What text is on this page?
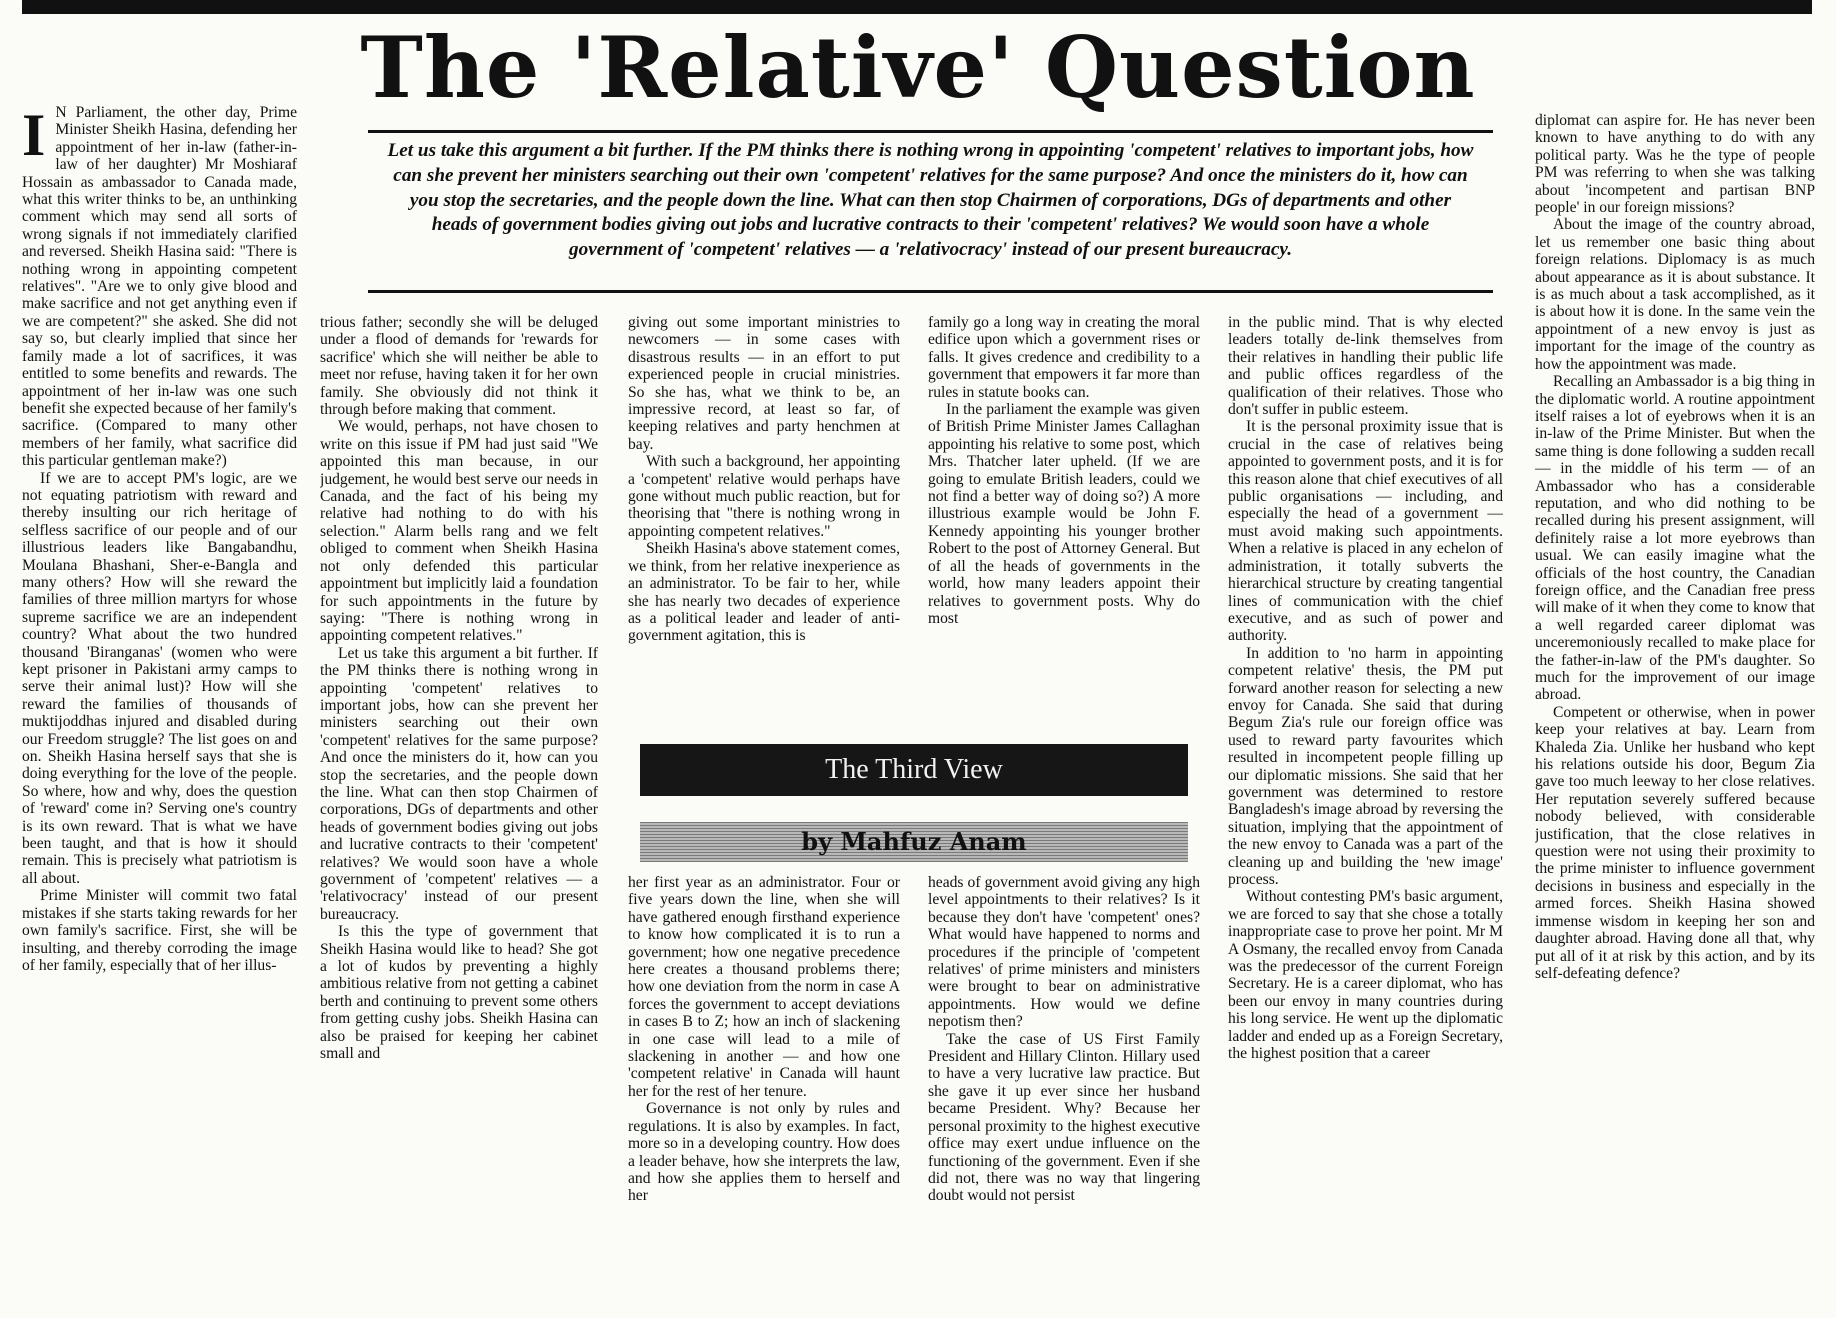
The 'Relative' Question

Let us take this argument a bit further. If the PM thinks there is nothing wrong in appointing 'competent' relatives to important jobs, how can she prevent her ministers searching out their own 'competent' relatives for the same purpose? And once the ministers do it, how can you stop the secretaries, and the people down the line. What can then stop Chairmen of corporations, DGs of departments and other heads of government bodies giving out jobs and lucrative contracts to their 'competent' relatives? We would soon have a whole government of 'competent' relatives — a 'relativocracy' instead of our present bureaucracy.

I N Parliament, the other day, Prime Minister Sheikh Hasina, defending her appointment of her in-law (father-in-law of her daughter) Mr Moshiaraf Hossain as ambassador to Canada made, what this writer thinks to be, an unthinking comment which may send all sorts of wrong signals if not immediately clarified and reversed. Sheikh Hasina said: "There is nothing wrong in appointing competent relatives". "Are we to only give blood and make sacrifice and not get anything even if we are competent?" she asked. She did not say so, but clearly implied that since her family made a lot of sacrifices, it was entitled to some benefits and rewards. The appointment of her in-law was one such benefit she expected because of her family's sacrifice. (Compared to many other members of her family, what sacrifice did this particular gentleman make?)

If we are to accept PM's logic, are we not equating patriotism with reward and thereby insulting our rich heritage of selfless sacrifice of our people and of our illustrious leaders like Bangabandhu, Moulana Bhashani, Sher-e-Bangla and many others? How will she reward the families of three million martyrs for whose supreme sacrifice we are an independent country? What about the two hundred thousand 'Biranganas' (women who were kept prisoner in Pakistani army camps to serve their animal lust)? How will she reward the families of thousands of muktijoddhas injured and disabled during our Freedom struggle? The list goes on and on. Sheikh Hasina herself says that she is doing everything for the love of the people. So where, how and why, does the question of 'reward' come in? Serving one's country is its own reward. That is what we have been taught, and that is how it should remain. This is precisely what patriotism is all about.

Prime Minister will commit two fatal mistakes if she starts taking rewards for her own family's sacrifice. First, she will be insulting, and thereby corroding the image of her family, especially that of her illus-

trious father; secondly she will be deluged under a flood of demands for 'rewards for sacrifice' which she will neither be able to meet nor refuse, having taken it for her own family. She obviously did not think it through before making that comment.

We would, perhaps, not have chosen to write on this issue if PM had just said "We appointed this man because, in our judgement, he would best serve our needs in Canada, and the fact of his being my relative had nothing to do with his selection." Alarm bells rang and we felt obliged to comment when Sheikh Hasina not only defended this particular appointment but implicitly laid a foundation for such appointments in the future by saying: "There is nothing wrong in appointing competent relatives."

Let us take this argument a bit further. If the PM thinks there is nothing wrong in appointing 'competent' relatives to important jobs, how can she prevent her ministers searching out their own 'competent' relatives for the same purpose? And once the ministers do it, how can you stop the secretaries, and the people down the line. What can then stop Chairmen of corporations, DGs of departments and other heads of government bodies giving out jobs and lucrative contracts to their 'competent' relatives? We would soon have a whole government of 'competent' relatives — a 'relativocracy' instead of our present bureaucracy.

Is this the type of government that Sheikh Hasina would like to head? She got a lot of kudos by preventing a highly ambitious relative from not getting a cabinet berth and continuing to prevent some others from getting cushy jobs. Sheikh Hasina can also be praised for keeping her cabinet small and

giving out some important ministries to newcomers — in some cases with disastrous results — in an effort to put experienced people in crucial ministries. So she has, what we think to be, an impressive record, at least so far, of keeping relatives and party henchmen at bay.

With such a background, her appointing a 'competent' relative would perhaps have gone without much public reaction, but for theorising that "there is nothing wrong in appointing competent relatives."

Sheikh Hasina's above statement comes, we think, from her relative inexperience as an administrator. To be fair to her, while she has nearly two decades of experience as a political leader and leader of anti-government agitation, this is

family go a long way in creating the moral edifice upon which a government rises or falls. It gives credence and credibility to a government that empowers it far more than rules in statute books can.

In the parliament the example was given of British Prime Minister James Callaghan appointing his relative to some post, which Mrs. Thatcher later upheld. (If we are going to emulate British leaders, could we not find a better way of doing so?) A more illustrious example would be John F. Kennedy appointing his younger brother Robert to the post of Attorney General. But of all the heads of governments in the world, how many leaders appoint their relatives to government posts. Why do most

The Third View
by Mahfuz Anam

her first year as an administrator. Four or five years down the line, when she will have gathered enough firsthand experience to know how complicated it is to run a government; how one negative precedence here creates a thousand problems there; how one deviation from the norm in case A forces the government to accept deviations in cases B to Z; how an inch of slackening in one case will lead to a mile of slackening in another — and how one 'competent relative' in Canada will haunt her for the rest of her tenure.

Governance is not only by rules and regulations. It is also by examples. In fact, more so in a developing country. How does a leader behave, how she interprets the law, and how she applies them to herself and her

heads of government avoid giving any high level appointments to their relatives? Is it because they don't have 'competent' ones? What would have happened to norms and procedures if the principle of 'competent relatives' of prime ministers and ministers were brought to bear on administrative appointments. How would we define nepotism then?

Take the case of US First Family President and Hillary Clinton. Hillary used to have a very lucrative law practice. But she gave it up ever since her husband became President. Why? Because her personal proximity to the highest executive office may exert undue influence on the functioning of the government. Even if she did not, there was no way that lingering doubt would not persist

in the public mind. That is why elected leaders totally de-link themselves from their relatives in handling their public life and public offices regardless of the qualification of their relatives. Those who don't suffer in public esteem.

It is the personal proximity issue that is crucial in the case of relatives being appointed to government posts, and it is for this reason alone that chief executives of all public organisations — including, and especially the head of a government — must avoid making such appointments. When a relative is placed in any echelon of administration, it totally subverts the hierarchical structure by creating tangential lines of communication with the chief executive, and as such of power and authority.

In addition to 'no harm in appointing competent relative' thesis, the PM put forward another reason for selecting a new envoy for Canada. She said that during Begum Zia's rule our foreign office was used to reward party favourites which resulted in incompetent people filling up our diplomatic missions. She said that her government was determined to restore Bangladesh's image abroad by reversing the situation, implying that the appointment of the new envoy to Canada was a part of the cleaning up and building the 'new image' process.

Without contesting PM's basic argument, we are forced to say that she chose a totally inappropriate case to prove her point. Mr M A Osmany, the recalled envoy from Canada was the predecessor of the current Foreign Secretary. He is a career diplomat, who has been our envoy in many countries during his long service. He went up the diplomatic ladder and ended up as a Foreign Secretary, the highest position that a career

diplomat can aspire for. He has never been known to have anything to do with any political party. Was he the type of people PM was referring to when she was talking about 'incompetent and partisan BNP people' in our foreign missions?

About the image of the country abroad, let us remember one basic thing about foreign relations. Diplomacy is as much about appearance as it is about substance. It is as much about a task accomplished, as it is about how it is done. In the same vein the appointment of a new envoy is just as important for the image of the country as how the appointment was made.

Recalling an Ambassador is a big thing in the diplomatic world. A routine appointment itself raises a lot of eyebrows when it is an in-law of the Prime Minister. But when the same thing is done following a sudden recall — in the middle of his term — of an Ambassador who has a considerable reputation, and who did nothing to be recalled during his present assignment, will definitely raise a lot more eyebrows than usual. We can easily imagine what the officials of the host country, the Canadian foreign office, and the Canadian free press will make of it when they come to know that a well regarded career diplomat was unceremoniously recalled to make place for the father-in-law of the PM's daughter. So much for the improvement of our image abroad.

Competent or otherwise, when in power keep your relatives at bay. Learn from Khaleda Zia. Unlike her husband who kept his relations outside his door, Begum Zia gave too much leeway to her close relatives. Her reputation severely suffered because nobody believed, with considerable justification, that the close relatives in question were not using their proximity to the prime minister to influence government decisions in business and especially in the armed forces. Sheikh Hasina showed immense wisdom in keeping her son and daughter abroad. Having done all that, why put all of it at risk by this action, and by its self-defeating defence?
